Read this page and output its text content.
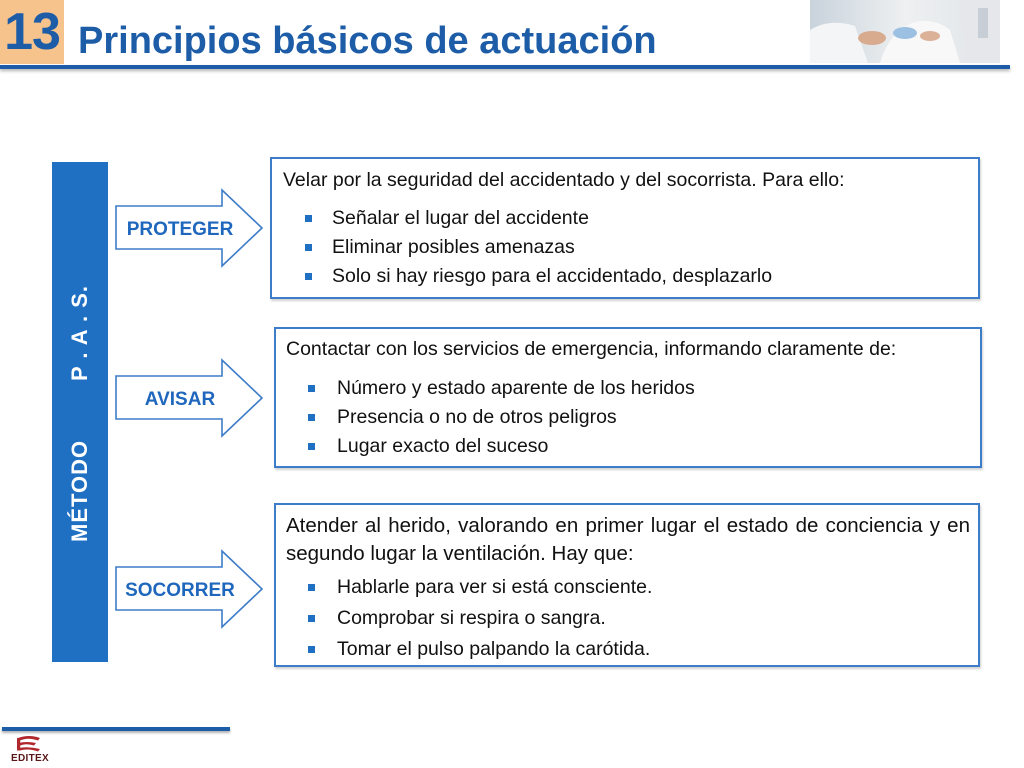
13 Principios básicos de actuación
MÉTODO
P . A . S.
PROTEGER
AVISAR
SOCORRER

Velar por la seguridad del accidentado y del socorrista. Para ello:

Señalar el lugar del accidente
Eliminar posibles amenazas
Solo si hay riesgo para el accidentado, desplazarlo

Contactar con los servicios de emergencia, informando claramente de:

Número y estado aparente de los heridos
Presencia o no de otros peligros
Lugar exacto del suceso

Atender al herido, valorando en primer lugar el estado de conciencia y en segundo lugar la ventilación. Hay que:

Hablarle para ver si está consciente.
Comprobar si respira o sangra.
Tomar el pulso palpando la carótida.
EDITEX
